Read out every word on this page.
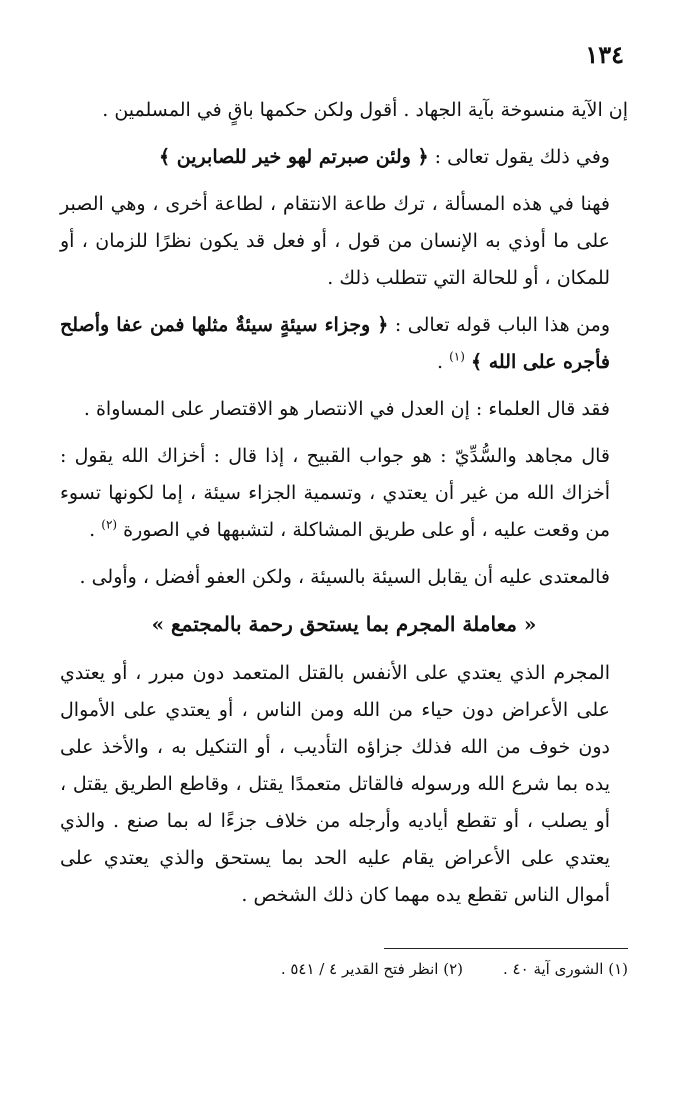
١٣٤

إن الآية منسوخة بآية الجهاد . أقول ولكن حكمها باقٍ في المسلمين .

وفي ذلك يقول تعالى : ﴿ ولئن صبرتم لهو خير للصابرين ﴾

فهنا في هذه المسألة ، ترك طاعة الانتقام ، لطاعة أخرى ، وهي الصبر على ما أوذي به الإنسان من قول ، أو فعل قد يكون نظرًا للزمان ، أو للمكان ، أو للحالة التي تتطلب ذلك .

ومن هذا الباب قوله تعالى : ﴿ وجزاء سيئةٍ سيئةٌ مثلها فمن عفا وأصلح فأجره على الله ﴾ $^{(١)}$ .

فقد قال العلماء : إن العدل في الانتصار هو الاقتصار على المساواة .

قال مجاهد والسُّدِّيّ : هو جواب القبيح ، إذا قال : أخزاك الله يقول : أخزاك الله من غير أن يعتدي ، وتسمية الجزاء سيئة ، إما لكونها تسوء من وقعت عليه ، أو على طريق المشاكلة ، لتشبهها في الصورة $^{(٢)}$ .

فالمعتدى عليه أن يقابل السيئة بالسيئة ، ولكن العفو أفضل ، وأولى .

« معاملة المجرم بما يستحق رحمة بالمجتمع »

المجرم الذي يعتدي على الأنفس بالقتل المتعمد دون مبرر ، أو يعتدي على الأعراض دون حياء من الله ومن الناس ، أو يعتدي على الأموال دون خوف من الله فذلك جزاؤه التأديب ، أو التنكيل به ، والأخذ على يده بما شرع الله ورسوله فالقاتل متعمدًا يقتل ، وقاطع الطريق يقتل ، أو يصلب ، أو تقطع أياديه وأرجله من خلاف جزءًا له بما صنع . والذي يعتدي على الأعراض يقام عليه الحد بما يستحق والذي يعتدي على أموال الناس تقطع يده مهما كان ذلك الشخص .

(١) الشورى آية ٤٠ .
(٢) انظر فتح القدير ٤ / ٥٤١ .
